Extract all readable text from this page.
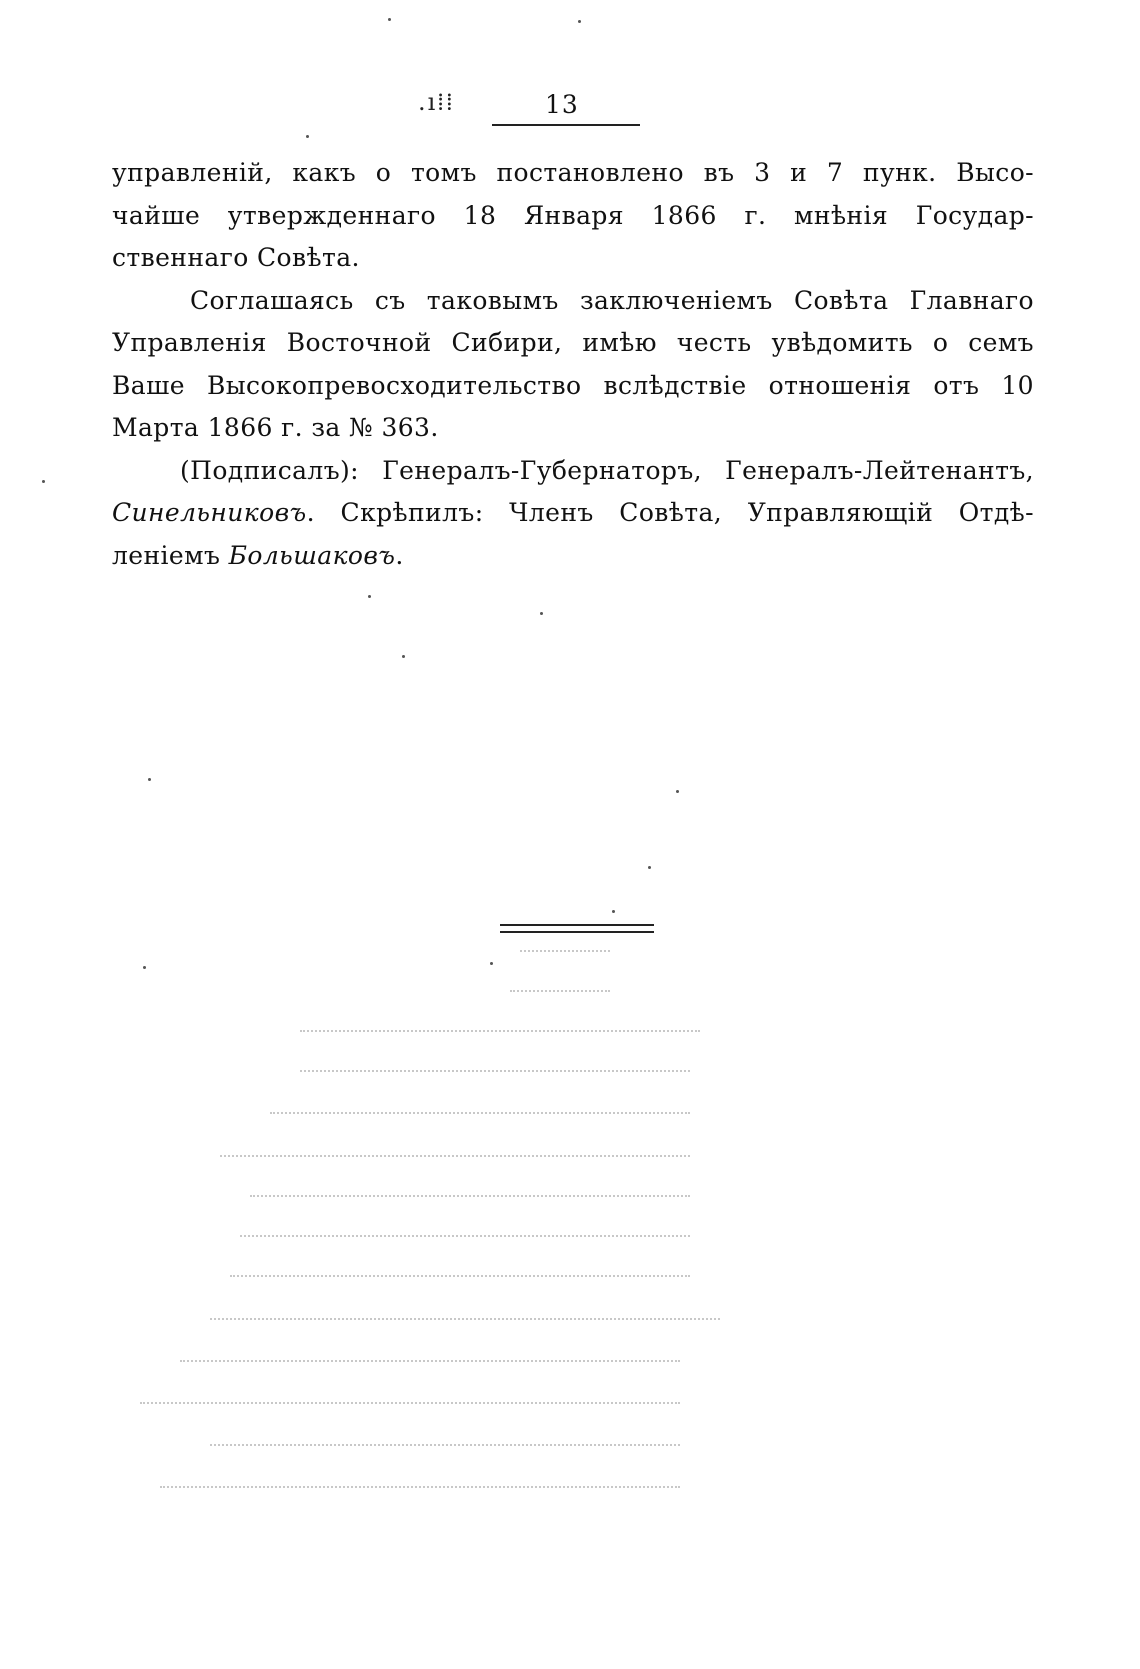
.ı⁞⁞	13
управленій, какъ о томъ постановлено въ 3 и 7 пунк. Высо-
чайше утвержденнаго 18 Января 1866 г. мнѣнія Государ-
ственнаго Совѣта.
Соглашаясь съ таковымъ заключеніемъ Совѣта Главнаго
Управленія Восточной Сибири, имѣю честь увѣдомить о семъ
Ваше Высокопревосходительство вслѣдствіе отношенія отъ 10
Марта 1866 г. за № 363.
(Подписалъ): Генералъ-Губернаторъ, Генералъ-Лейтенантъ,
Синельниковъ. Скрѣпилъ: Членъ Совѣта, Управляющій Отдѣ-
леніемъ Большаковъ.
